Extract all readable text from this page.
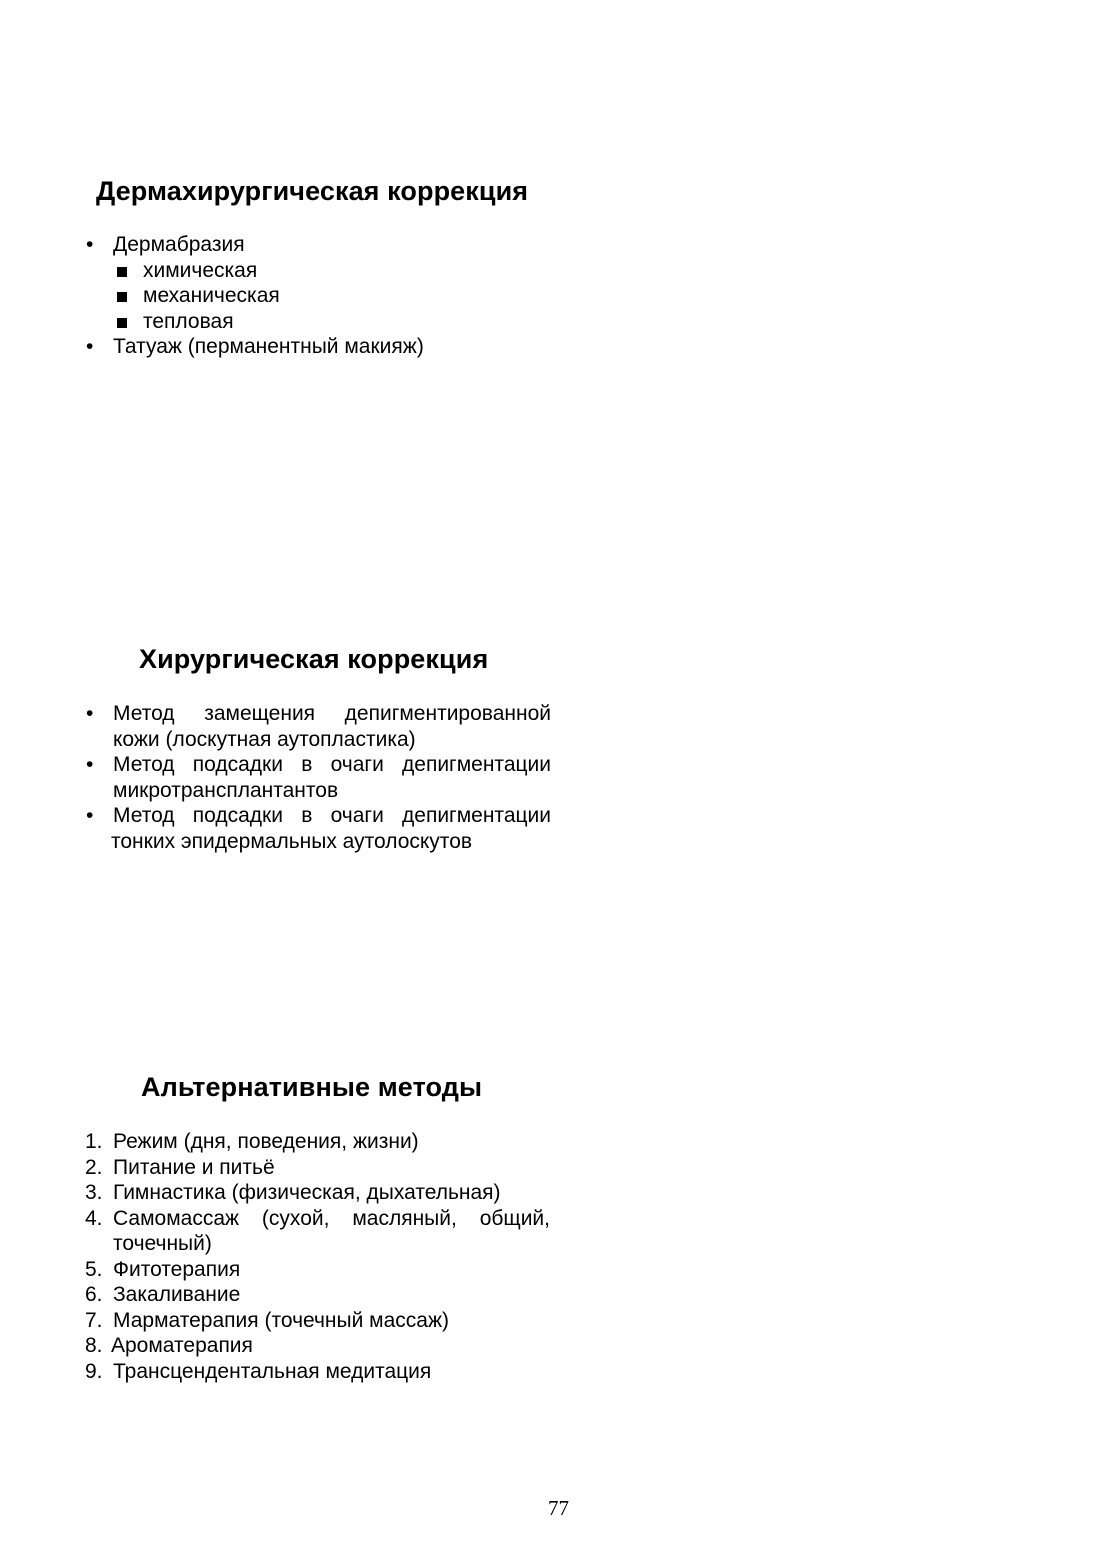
Дермахирургическая коррекция
• Дермабразия
химическая
механическая
тепловая
• Татуаж (перманентный макияж)
Хирургическая коррекция
• Метод замещения депигментированной
кожи (лоскутная аутопластика)
• Метод подсадки в очаги депигментации
микротрансплантантов
• Метод подсадки в очаги депигментации
тонких эпидермальных аутолоскутов
Альтернативные методы
1. Режим (дня, поведения, жизни)
2. Питание и питьё
3. Гимнастика (физическая, дыхательная)
4. Самомассаж (сухой, масляный, общий,
точечный)
5. Фитотерапия
6. Закаливание
7. Марматерапия (точечный массаж)
8. Ароматерапия
9. Трансцендентальная медитация
77
